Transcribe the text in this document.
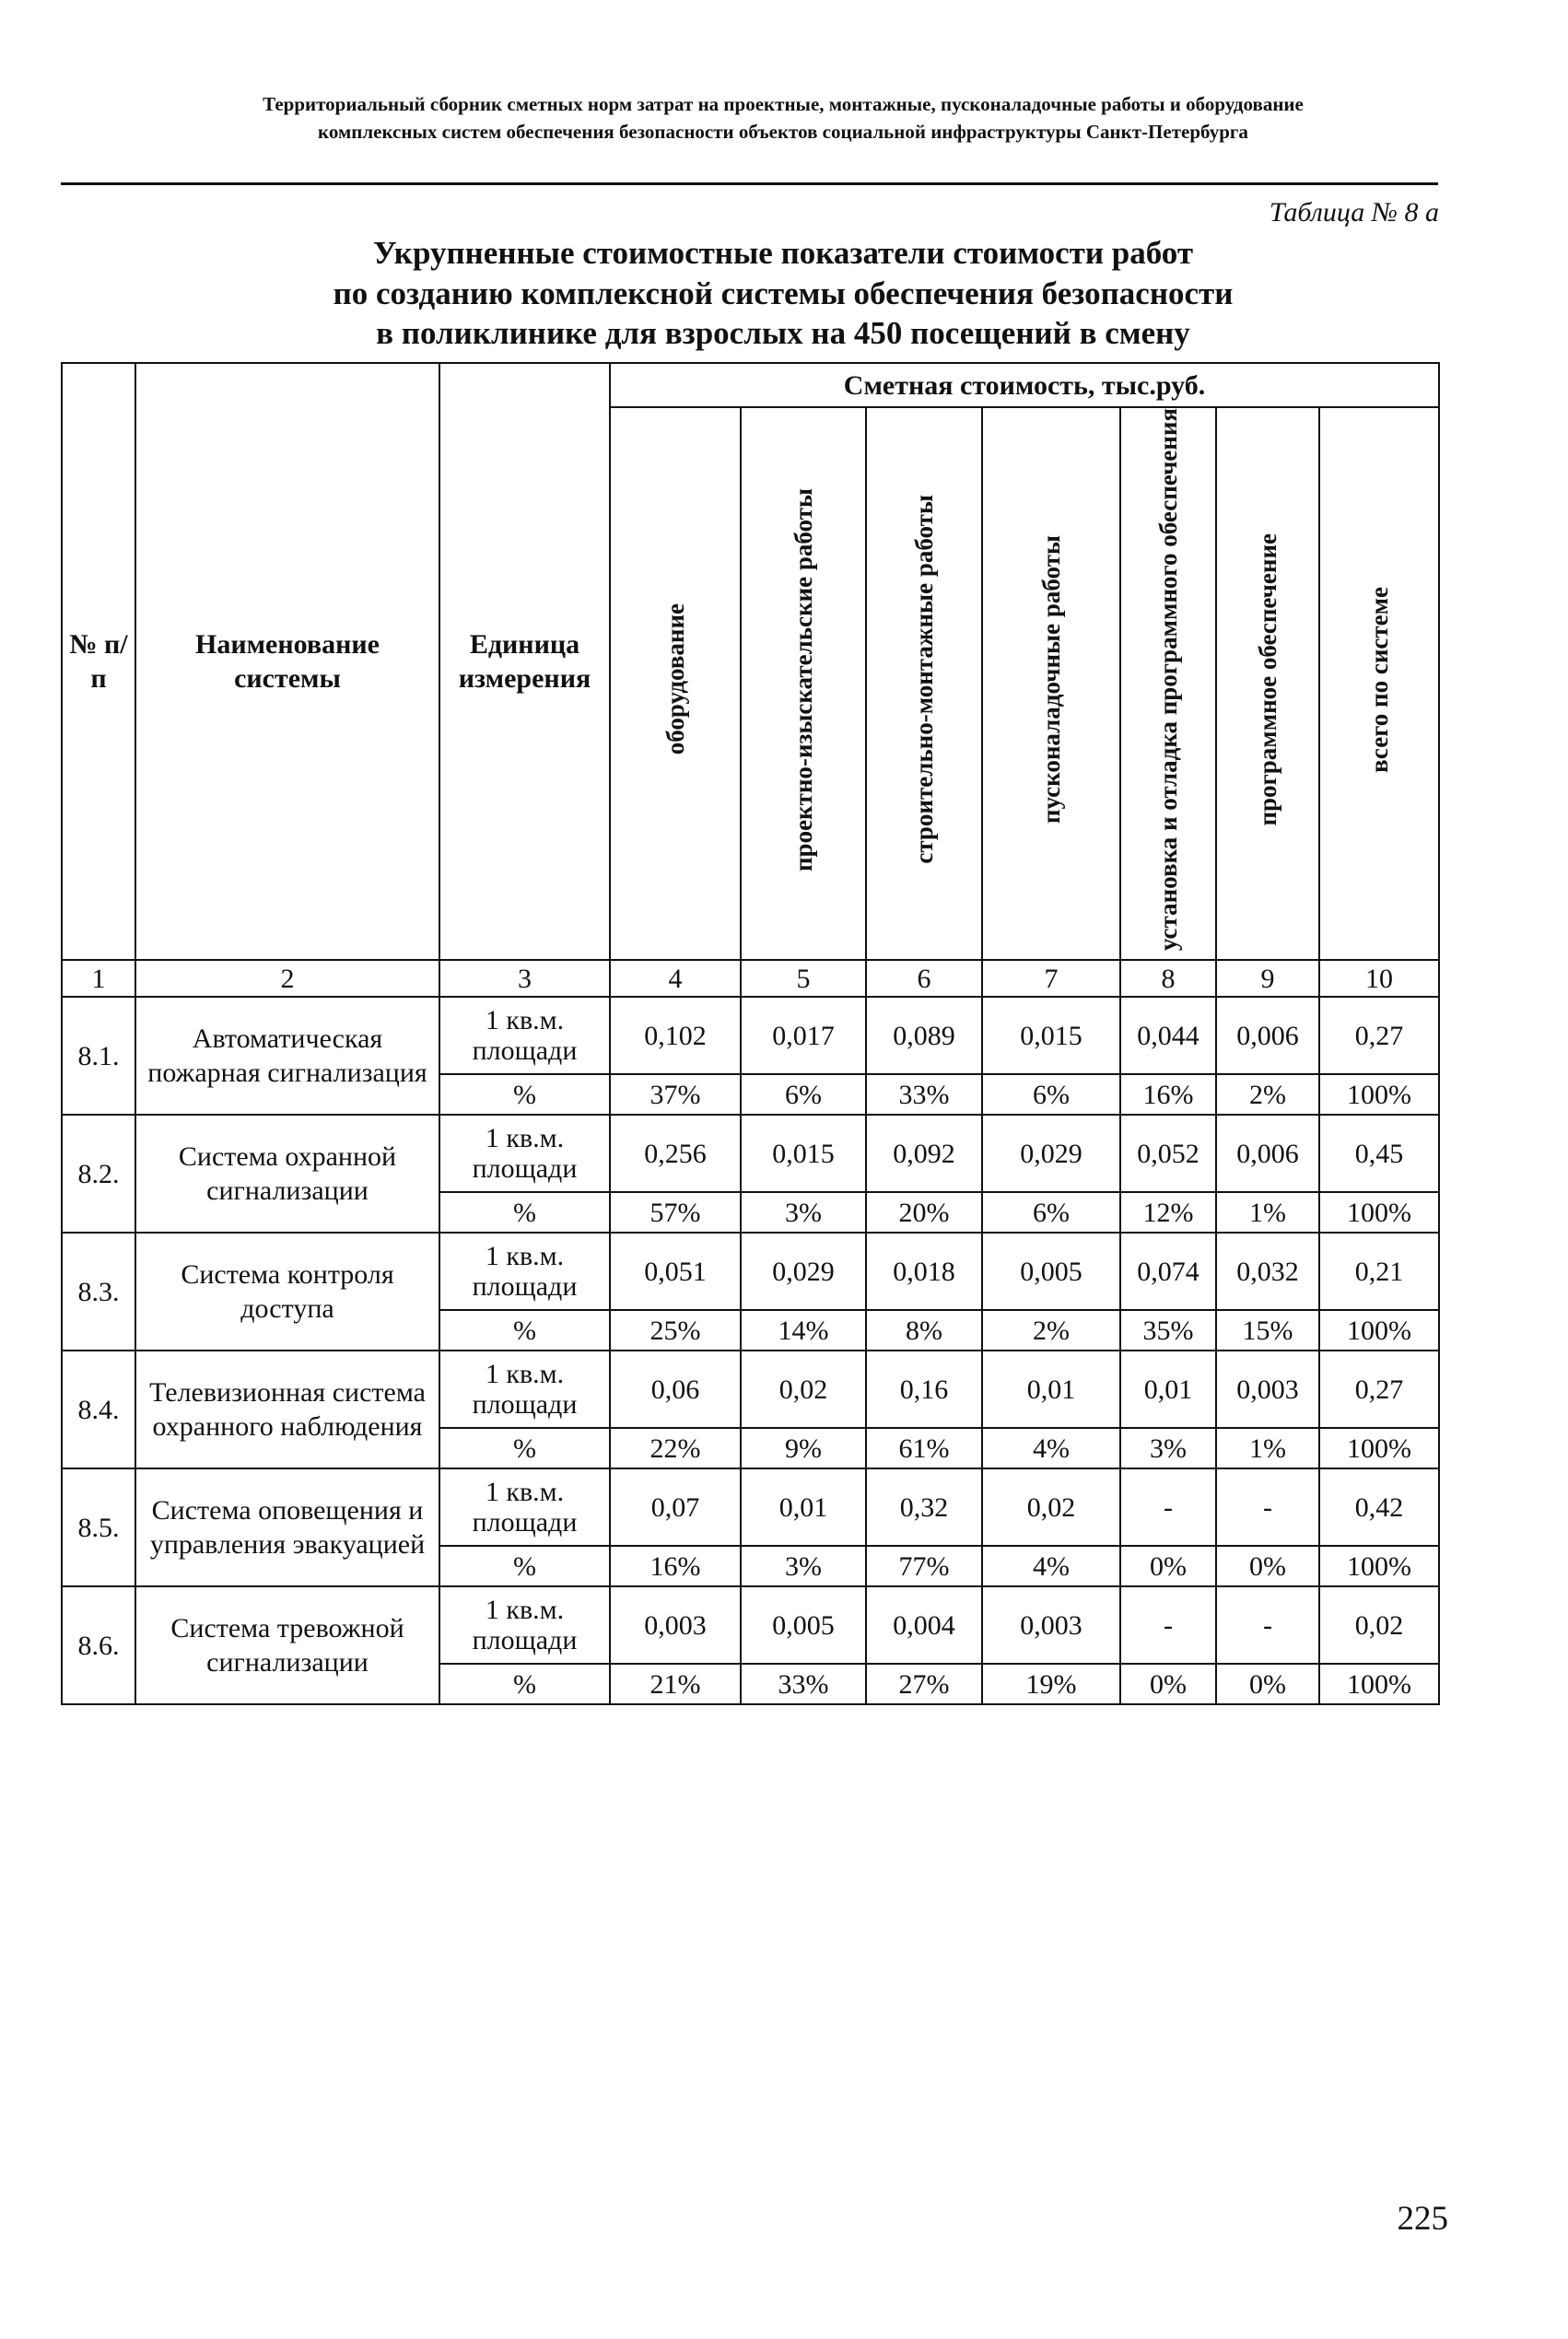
Территориальный сборник сметных норм затрат на проектные, монтажные, пусконаладочные работы и оборудование
комплексных систем обеспечения безопасности объектов социальной инфраструктуры Санкт-Петербурга
Таблица № 8 а
Укрупненные стоимостные показатели стоимости работ
по созданию комплексной системы обеспечения безопасности
в поликлинике для взрослых на 450 посещений в смену
№ п/п	Наименование системы	Единица измерения	Сметная стоимость, тыс.руб.						
			оборудование	проектно-изыскательские работы	строительно-монтажные работы	пусконаладочные работы	установка и отладка программного обеспечения	программное обеспечение	всего по системе
1	2	3	4	5	6	7	8	9	10
8.1.	Автоматическая пожарная сигнализация	1 кв.м. площади	0,102	0,017	0,089	0,015	0,044	0,006	0,27
		%	37%	6%	33%	6%	16%	2%	100%
8.2.	Система охранной сигнализации	1 кв.м. площади	0,256	0,015	0,092	0,029	0,052	0,006	0,45
		%	57%	3%	20%	6%	12%	1%	100%
8.3.	Система контроля доступа	1 кв.м. площади	0,051	0,029	0,018	0,005	0,074	0,032	0,21
		%	25%	14%	8%	2%	35%	15%	100%
8.4.	Телевизионная система охранного наблюдения	1 кв.м. площади	0,06	0,02	0,16	0,01	0,01	0,003	0,27
		%	22%	9%	61%	4%	3%	1%	100%
8.5.	Система оповещения и управления эвакуацией	1 кв.м. площади	0,07	0,01	0,32	0,02	-	-	0,42
		%	16%	3%	77%	4%	0%	0%	100%
8.6.	Система тревожной сигнализации	1 кв.м. площади	0,003	0,005	0,004	0,003	-	-	0,02
		%	21%	33%	27%	19%	0%	0%	100%
225
